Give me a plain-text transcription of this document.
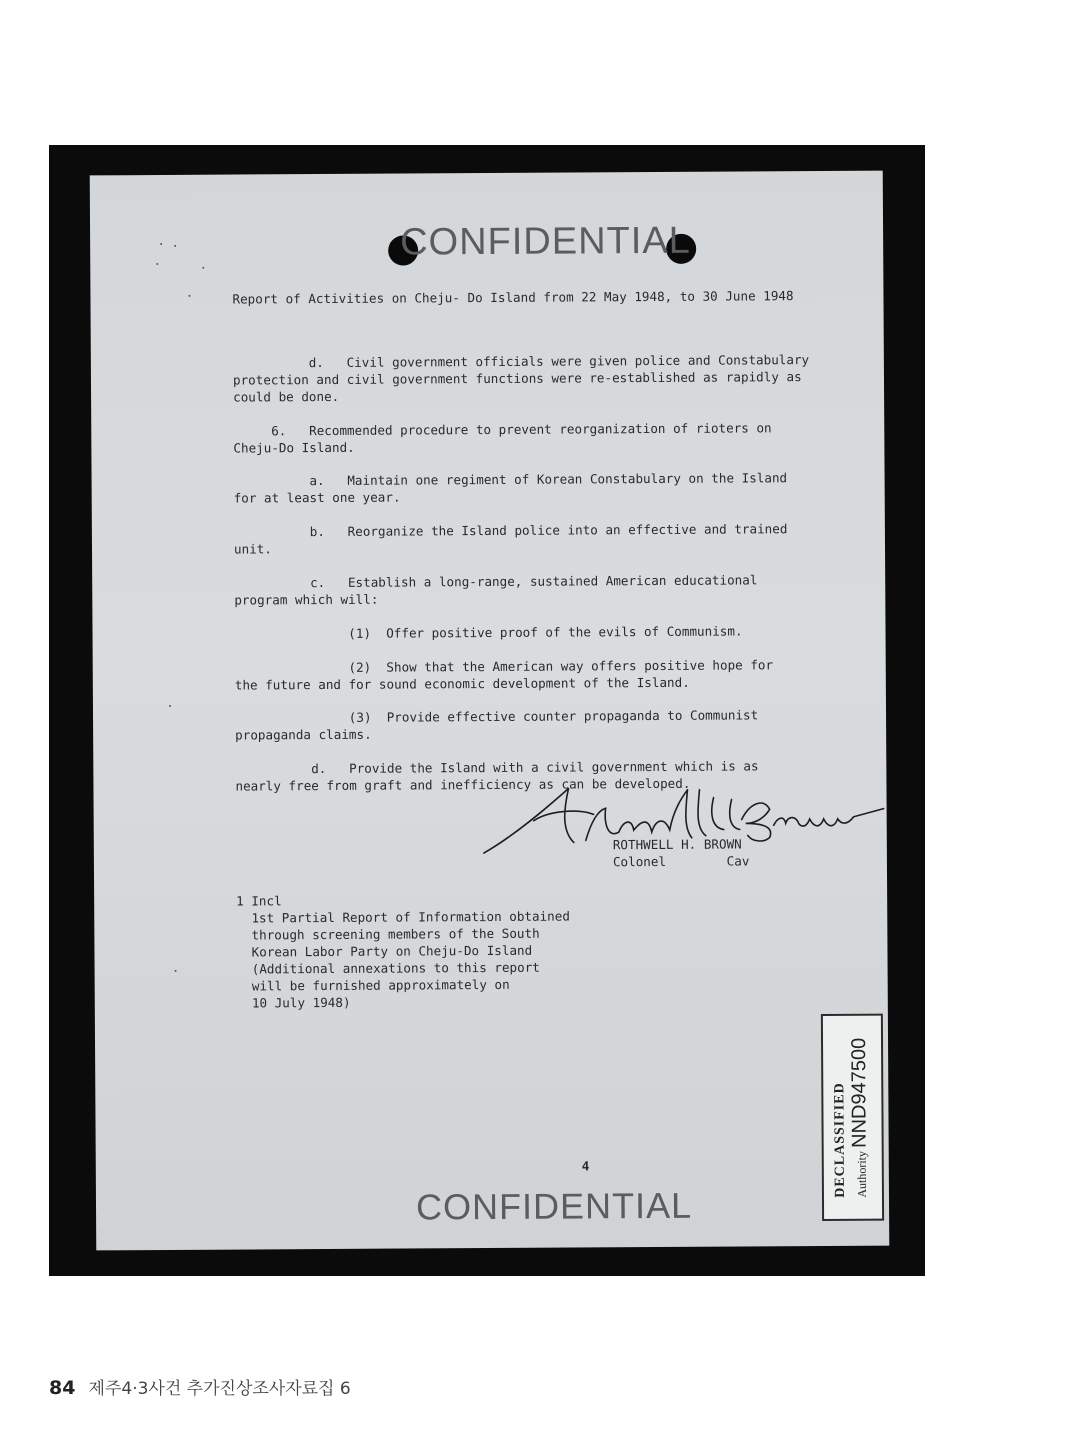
CONFIDENTIAL
Report of Activities on Cheju- Do Island from 22 May 1948, to 30 June 1948
d.   Civil government officials were given police and Constabulary
protection and civil government functions were re-established as rapidly as
could be done.
6.   Recommended procedure to prevent reorganization of rioters on
Cheju-Do Island.
a.   Maintain one regiment of Korean Constabulary on the Island
for at least one year.
b.   Reorganize the Island police into an effective and trained
unit.
c.   Establish a long-range, sustained American educational
program which will:
(1)  Offer positive proof of the evils of Communism.
(2)  Show that the American way offers positive hope for
the future and for sound economic development of the Island.
(3)  Provide effective counter propaganda to Communist
propaganda claims.
d.   Provide the Island with a civil government which is as
nearly free from graft and inefficiency as can be developed.
ROTHWELL H. BROWN
Colonel        Cav
1 Incl
1st Partial Report of Information obtained
through screening members of the South
Korean Labor Party on Cheju-Do Island
(Additional annexations to this report
will be furnished approximately on
10 July 1948)
DECLASSIFIED Authority NND947500
4
CONFIDENTIAL
84 제주4·3사건 추가진상조사자료집 6
